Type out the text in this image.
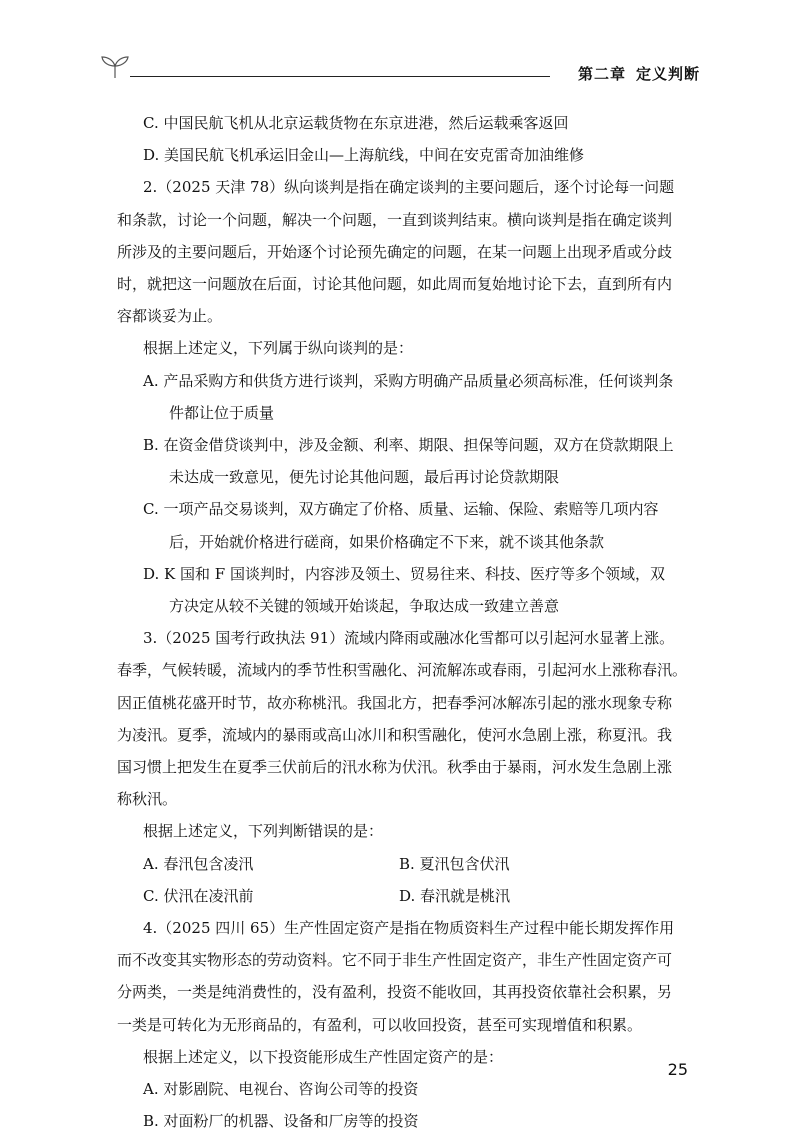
第二章 定义判断
C. 中国民航飞机从北京运载货物在东京进港，然后运载乘客返回
D. 美国民航飞机承运旧金山—上海航线，中间在安克雷奇加油维修
2.（2025 天津 78）纵向谈判是指在确定谈判的主要问题后，逐个讨论每一问题
和条款，讨论一个问题，解决一个问题，一直到谈判结束。横向谈判是指在确定谈判
所涉及的主要问题后，开始逐个讨论预先确定的问题，在某一问题上出现矛盾或分歧
时，就把这一问题放在后面，讨论其他问题，如此周而复始地讨论下去，直到所有内
容都谈妥为止。
根据上述定义，下列属于纵向谈判的是：
A. 产品采购方和供货方进行谈判，采购方明确产品质量必须高标准，任何谈判条
件都让位于质量
B. 在资金借贷谈判中，涉及金额、利率、期限、担保等问题，双方在贷款期限上
未达成一致意见，便先讨论其他问题，最后再讨论贷款期限
C. 一项产品交易谈判，双方确定了价格、质量、运输、保险、索赔等几项内容
后，开始就价格进行磋商，如果价格确定不下来，就不谈其他条款
D. K 国和 F 国谈判时，内容涉及领土、贸易往来、科技、医疗等多个领域，双
方决定从较不关键的领域开始谈起，争取达成一致建立善意
3.（2025 国考行政执法 91）流域内降雨或融冰化雪都可以引起河水显著上涨。
春季，气候转暖，流域内的季节性积雪融化、河流解冻或春雨，引起河水上涨称春汛。
因正值桃花盛开时节，故亦称桃汛。我国北方，把春季河冰解冻引起的涨水现象专称
为凌汛。夏季，流域内的暴雨或高山冰川和积雪融化，使河水急剧上涨，称夏汛。我
国习惯上把发生在夏季三伏前后的汛水称为伏汛。秋季由于暴雨，河水发生急剧上涨
称秋汛。
根据上述定义，下列判断错误的是：
A. 春汛包含凌汛	B. 夏汛包含伏汛
C. 伏汛在凌汛前	D. 春汛就是桃汛
4.（2025 四川 65）生产性固定资产是指在物质资料生产过程中能长期发挥作用
而不改变其实物形态的劳动资料。它不同于非生产性固定资产，非生产性固定资产可
分两类，一类是纯消费性的，没有盈利，投资不能收回，其再投资依靠社会积累，另
一类是可转化为无形商品的，有盈利，可以收回投资，甚至可实现增值和积累。
根据上述定义，以下投资能形成生产性固定资产的是：
A. 对影剧院、电视台、咨询公司等的投资
B. 对面粉厂的机器、设备和厂房等的投资
25
